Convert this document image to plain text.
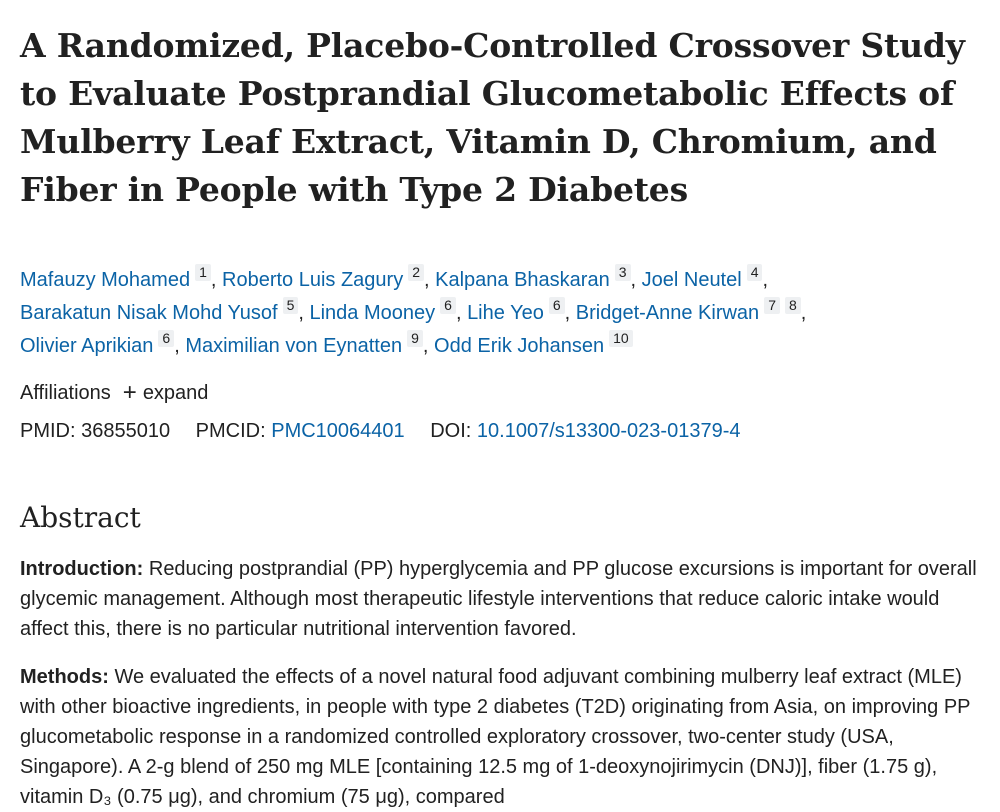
A Randomized, Placebo-Controlled Crossover Study
to Evaluate Postprandial Glucometabolic Effects of
Mulberry Leaf Extract, Vitamin D, Chromium, and
Fiber in People with Type 2 Diabetes
Mafauzy Mohamed 1 , Roberto Luis Zagury 2 , Kalpana Bhaskaran 3 , Joel Neutel 4 , Barakatun Nisak Mohd Yusof 5 , Linda Mooney 6 , Lihe Yeo 6 , Bridget-Anne Kirwan 7 8 , Olivier Aprikian 6 , Maximilian von Eynatten 9 , Odd Erik Johansen 10
Affiliations + expand
PMID: 36855010 PMCID: PMC10064401 DOI: 10.1007/s13300-023-01379-4
Abstract
Introduction: Reducing postprandial (PP) hyperglycemia and PP glucose excursions is important for overall glycemic management. Although most therapeutic lifestyle interventions that reduce caloric intake would affect this, there is no particular nutritional intervention favored.
Methods: We evaluated the effects of a novel natural food adjuvant combining mulberry leaf extract (MLE) with other bioactive ingredients, in people with type 2 diabetes (T2D) originating from Asia, on improving PP glucometabolic response in a randomized controlled exploratory crossover, two-center study (USA, Singapore). A 2-g blend of 250 mg MLE [containing 12.5 mg of 1-deoxynojirimycin (DNJ)], fiber (1.75 g), vitamin D₃ (0.75 μg), and chromium (75 μg), compared
